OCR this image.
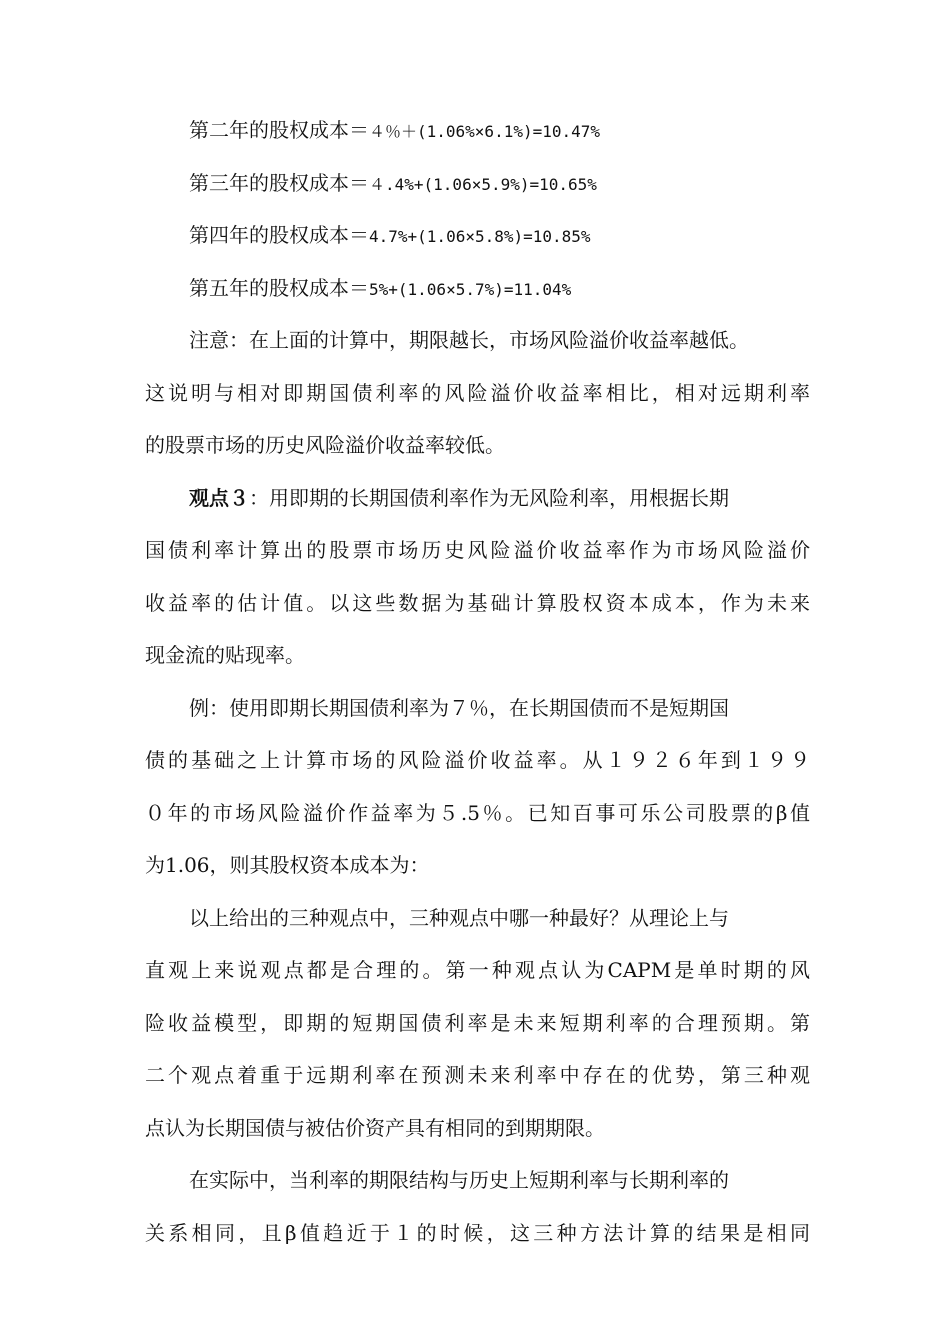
第二年的股权成本＝４％＋(1.06%×6.1%)=10.47%
第三年的股权成本＝４.4%+(1.06×5.9%)=10.65%
第四年的股权成本＝4.7%+(1.06×5.8%)=10.85%
第五年的股权成本＝5%+(1.06×5.7%)=11.04%
注意：在上面的计算中，期限越长，市场风险溢价收益率越低。
这说明与相对即期国债利率的风险溢价收益率相比，相对远期利率
的股票市场的历史风险溢价收益率较低。
观点３：用即期的长期国债利率作为无风险利率，用根据长期
国债利率计算出的股票市场历史风险溢价收益率作为市场风险溢价
收益率的估计值。以这些数据为基础计算股权资本成本，作为未来
现金流的贴现率。
例：使用即期长期国债利率为７％，在长期国债而不是短期国
债的基础之上计算市场的风险溢价收益率。从１９２６年到１９９
０年的市场风险溢价作益率为５.5％。已知百事可乐公司股票的β值
为1.06，则其股权资本成本为：
以上给出的三种观点中，三种观点中哪一种最好？从理论上与
直观上来说观点都是合理的。第一种观点认为CAPM是单时期的风
险收益模型，即期的短期国债利率是未来短期利率的合理预期。第
二个观点着重于远期利率在预测未来利率中存在的优势，第三种观
点认为长期国债与被估价资产具有相同的到期期限。
在实际中，当利率的期限结构与历史上短期利率与长期利率的
关系相同，且β值趋近于１的时候，这三种方法计算的结果是相同
